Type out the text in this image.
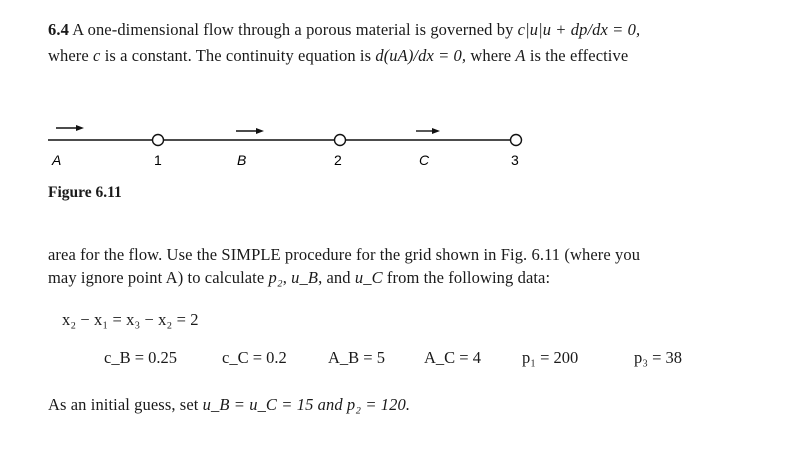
6.4 A one-dimensional flow through a porous material is governed by c|u|u + dp/dx = 0,
where c is a constant. The continuity equation is d(uA)/dx = 0, where A is the effective
A	1	B	2	C	3
Figure 6.11
area for the flow. Use the SIMPLE procedure for the grid shown in Fig. 6.11 (where you
may ignore point A) to calculate p₂, u_B, and u_C from the following data:
x₂ − x₁ = x₃ − x₂ = 2
c_B = 0.25	c_C = 0.2 A_B = 5 A_C = 4 p₁ = 200	p₃ = 38
As an initial guess, set u_B = u_C = 15 and p₂ = 120.
